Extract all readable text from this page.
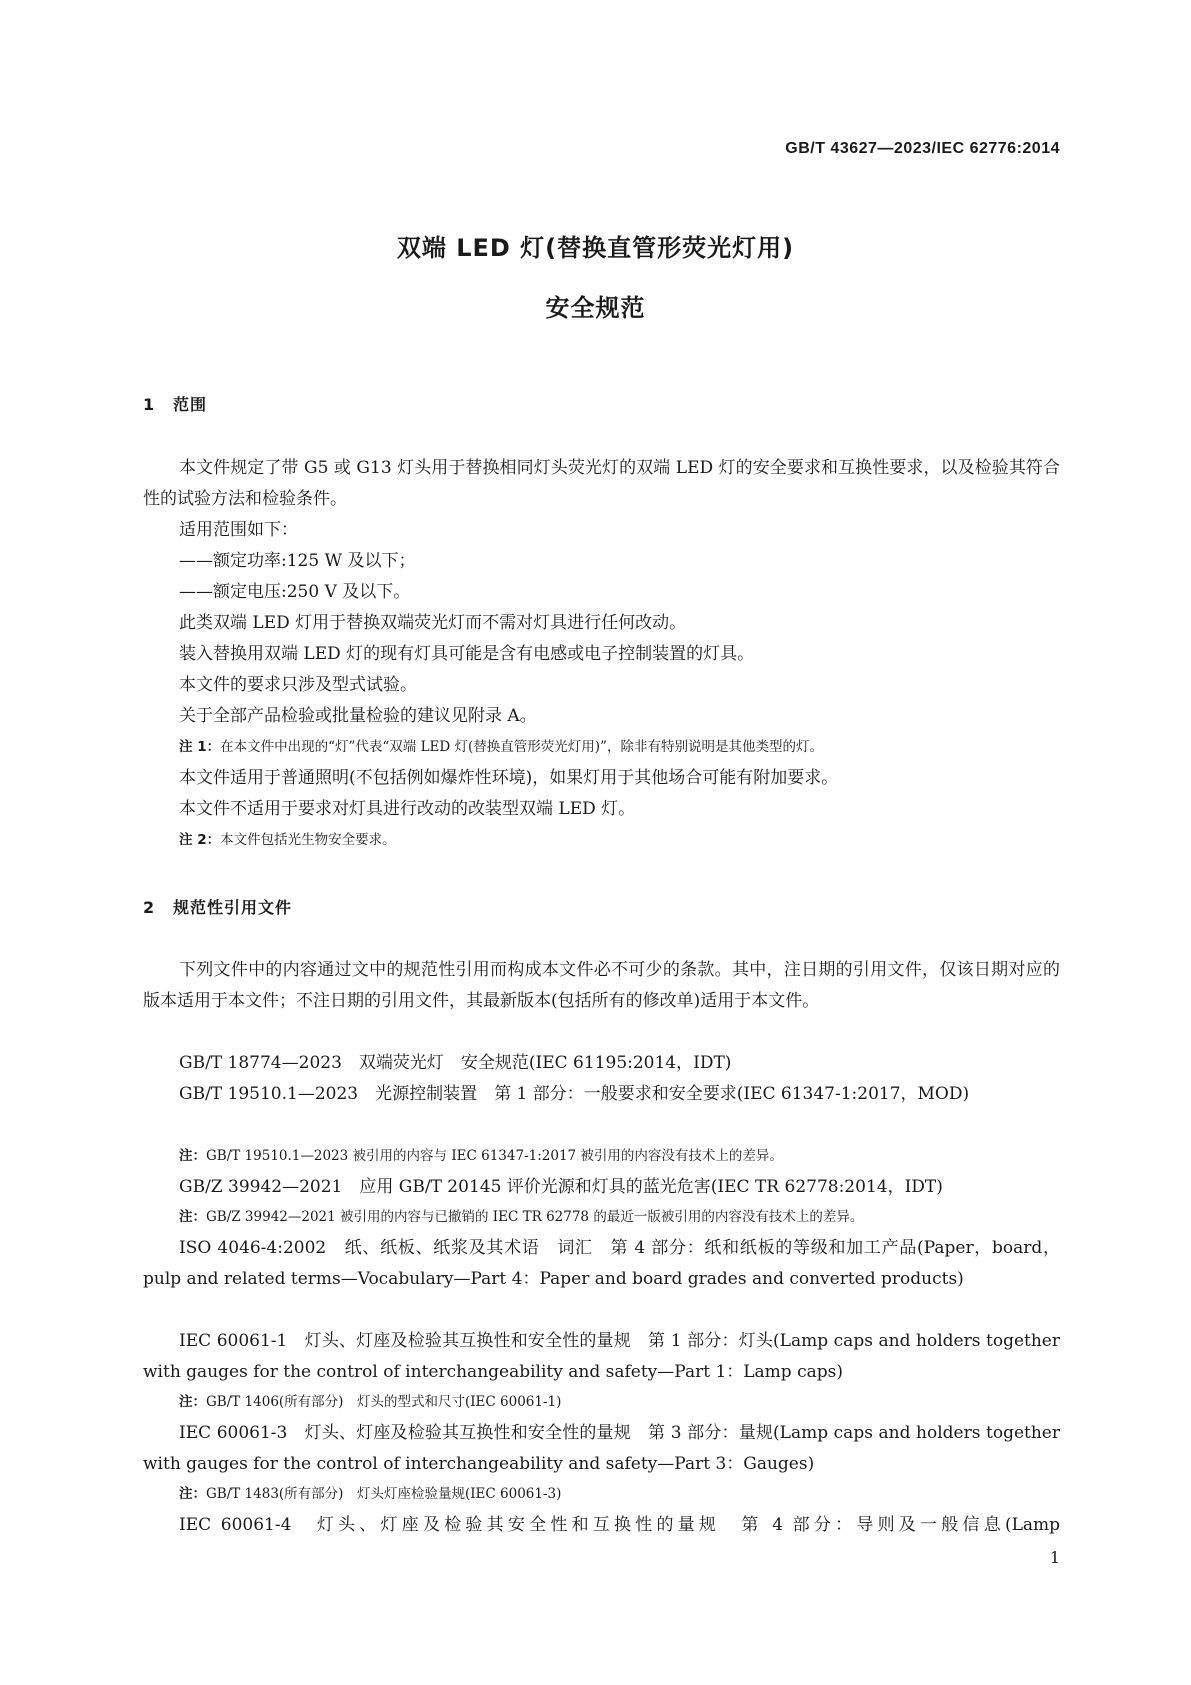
GB/T 43627—2023/IEC 62776:2014
双端 LED 灯(替换直管形荧光灯用)
安全规范
1 范围
本文件规定了带 G5 或 G13 灯头用于替换相同灯头荧光灯的双端 LED 灯的安全要求和互换性要求，以及检验其符合性的试验方法和检验条件。
适用范围如下：
——额定功率:125 W 及以下；
——额定电压:250 V 及以下。
此类双端 LED 灯用于替换双端荧光灯而不需对灯具进行任何改动。
装入替换用双端 LED 灯的现有灯具可能是含有电感或电子控制装置的灯具。
本文件的要求只涉及型式试验。
关于全部产品检验或批量检验的建议见附录 A。
注 1：在本文件中出现的“灯”代表“双端 LED 灯(替换直管形荧光灯用)”，除非有特别说明是其他类型的灯。
本文件适用于普通照明(不包括例如爆炸性环境)，如果灯用于其他场合可能有附加要求。
本文件不适用于要求对灯具进行改动的改装型双端 LED 灯。
注 2：本文件包括光生物安全要求。
2 规范性引用文件
下列文件中的内容通过文中的规范性引用而构成本文件必不可少的条款。其中，注日期的引用文件，仅该日期对应的版本适用于本文件；不注日期的引用文件，其最新版本(包括所有的修改单)适用于本文件。
GB/T 18774—2023　双端荧光灯　安全规范(IEC 61195:2014，IDT)
GB/T 19510.1—2023　光源控制装置　第 1 部分：一般要求和安全要求(IEC 61347-1:2017，MOD)
注：GB/T 19510.1—2023 被引用的内容与 IEC 61347-1:2017 被引用的内容没有技术上的差异。
GB/Z 39942—2021　应用 GB/T 20145 评价光源和灯具的蓝光危害(IEC TR 62778:2014，IDT)
注：GB/Z 39942—2021 被引用的内容与已撤销的 IEC TR 62778 的最近一版被引用的内容没有技术上的差异。
ISO 4046-4:2002　纸、纸板、纸浆及其术语　词汇　第 4 部分：纸和纸板的等级和加工产品(Paper，board，pulp and related terms—Vocabulary—Part 4：Paper and board grades and converted products)
IEC 60061-1　灯头、灯座及检验其互换性和安全性的量规　第 1 部分：灯头(Lamp caps and holders together with gauges for the control of interchangeability and safety—Part 1：Lamp caps)
注：GB/T 1406(所有部分)　灯头的型式和尺寸(IEC 60061-1)
IEC 60061-3　灯头、灯座及检验其互换性和安全性的量规　第 3 部分：量规(Lamp caps and holders together with gauges for the control of interchangeability and safety—Part 3：Gauges)
注：GB/T 1483(所有部分)　灯头灯座检验量规(IEC 60061-3)
IEC 60061-4　灯头、灯座及检验其安全性和互换性的量规　第 4 部分：导则及一般信息(Lamp
1
